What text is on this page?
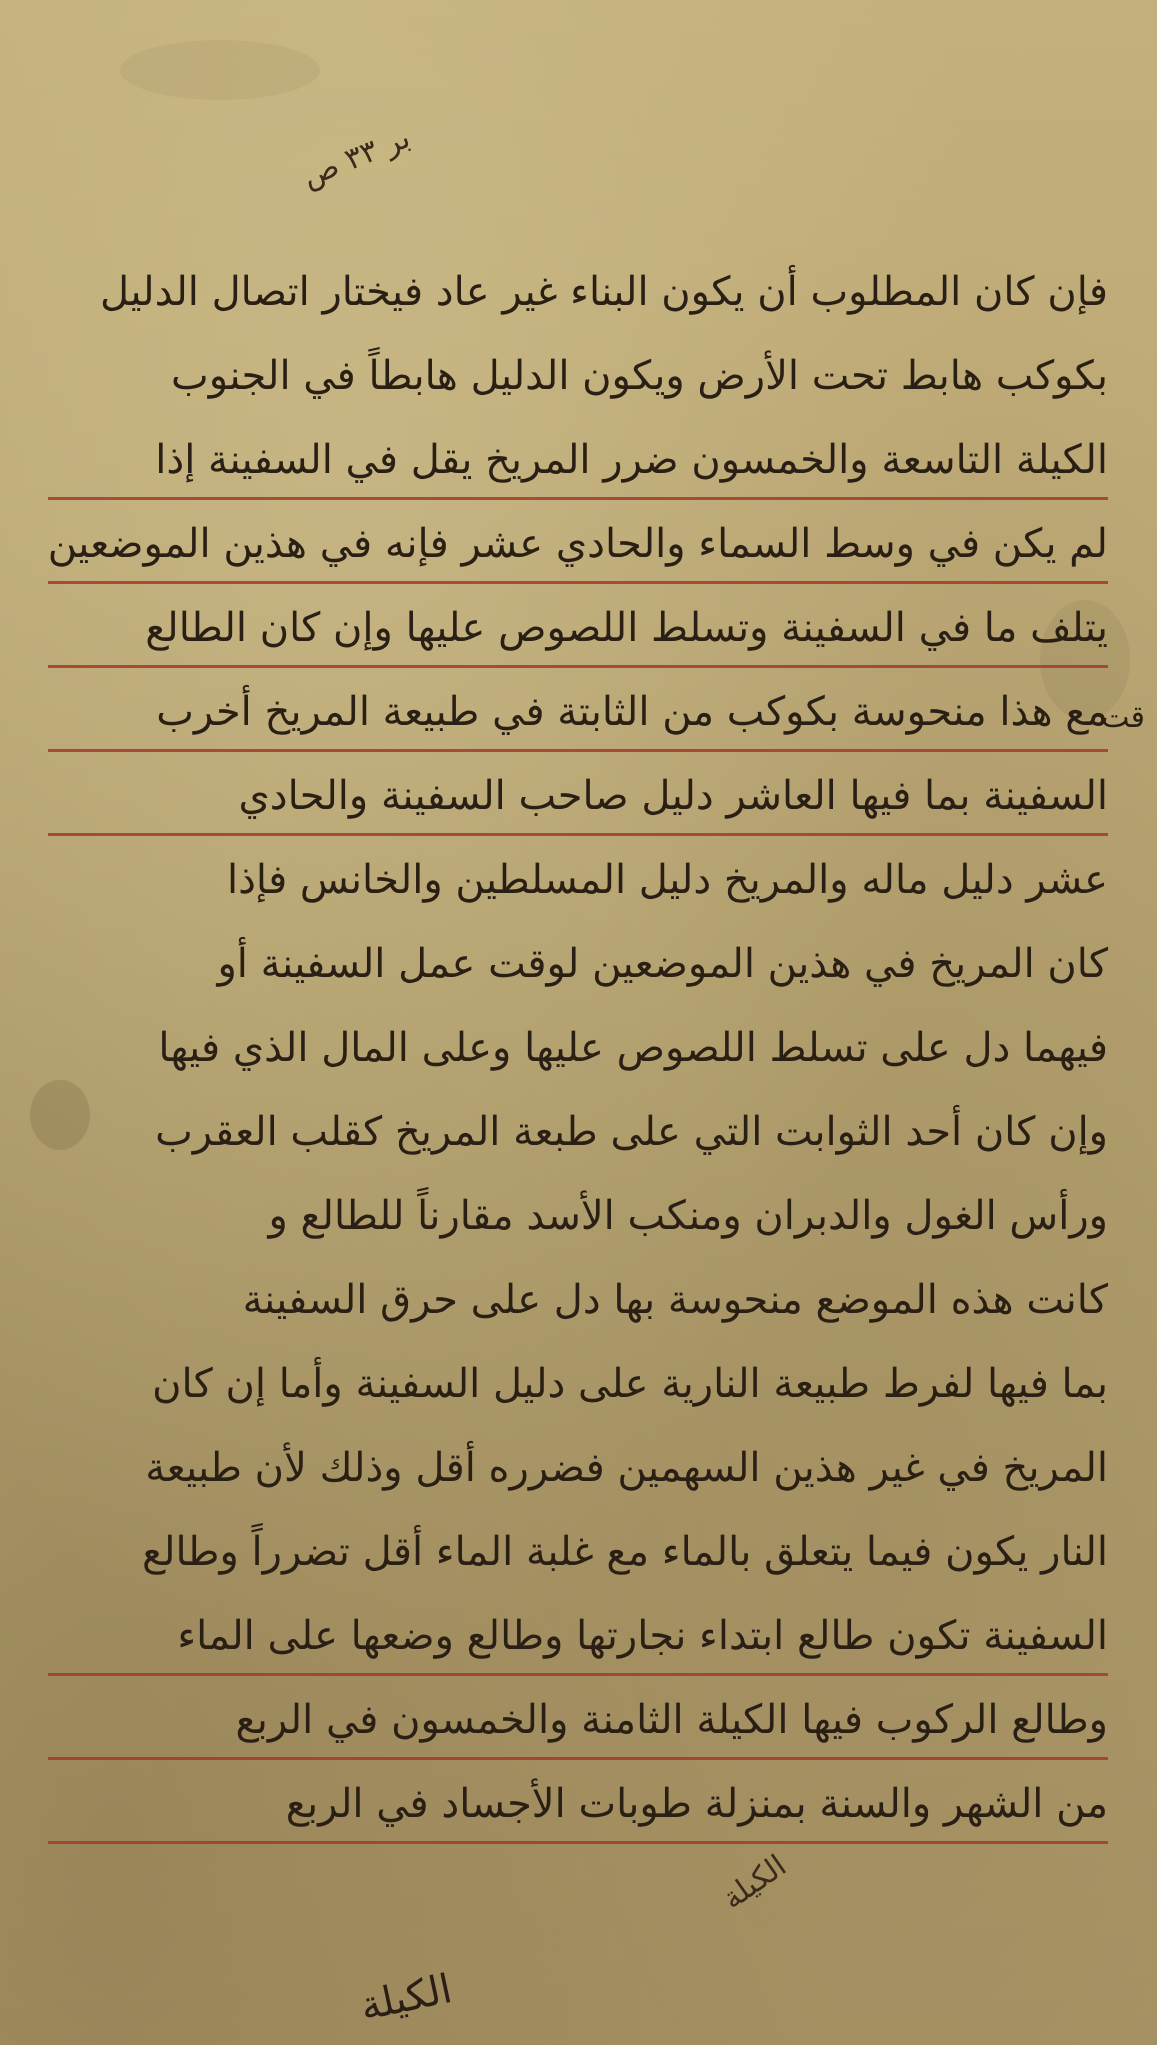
بر ٣٣ ص
فإن كان المطلوب أن يكون البناء غير عاد فيختار اتصال الدليل
بكوكب هابط تحت الأرض ويكون الدليل هابطاً في الجنوب
الكيلة التاسعة والخمسون ضرر المريخ يقل في السفينة إذا
لم يكن في وسط السماء والحادي عشر فإنه في هذين الموضعين
يتلف ما في السفينة وتسلط اللصوص عليها وإن كان الطالع
مع هذا منحوسة بكوكب من الثابتة في طبيعة المريخ أخرب
السفينة بما فيها العاشر دليل صاحب السفينة والحادي
عشر دليل ماله والمريخ دليل المسلطين والخانس فإذا
كان المريخ في هذين الموضعين لوقت عمل السفينة أو
فيهما دل على تسلط اللصوص عليها وعلى المال الذي فيها
وإن كان أحد الثوابت التي على طبعة المريخ كقلب العقرب
ورأس الغول والدبران ومنكب الأسد مقارناً للطالع و
كانت هذه الموضع منحوسة بها دل على حرق السفينة
بما فيها لفرط طبيعة النارية على دليل السفينة وأما إن كان
المريخ في غير هذين السهمين فضرره أقل وذلك لأن طبيعة
النار يكون فيما يتعلق بالماء مع غلبة الماء أقل تضرراً وطالع
السفينة تكون طالع ابتداء نجارتها وطالع وضعها على الماء
وطالع الركوب فيها الكيلة الثامنة والخمسون في الربع
من الشهر والسنة بمنزلة طوبات الأجساد في الربع
قت
الكيلة
الكيلة
